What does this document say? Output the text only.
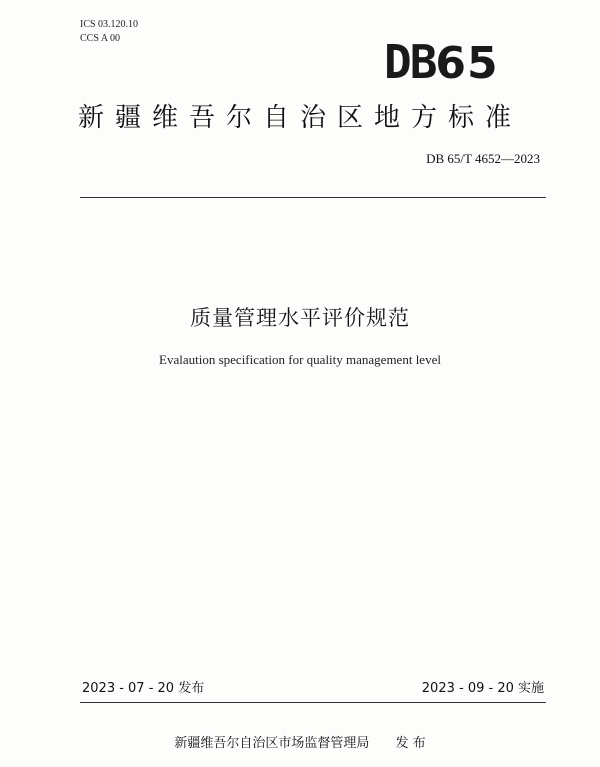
ICS 03.120.10
CCS A 00	DB65
新疆维吾尔自治区地方标准
DB 65/T 4652—2023
质量管理水平评价规范
Evalaution specification for quality management level
2023 - 07 - 20 发布	2023 - 09 - 20 实施
新疆维吾尔自治区市场监督管理局 发 布
